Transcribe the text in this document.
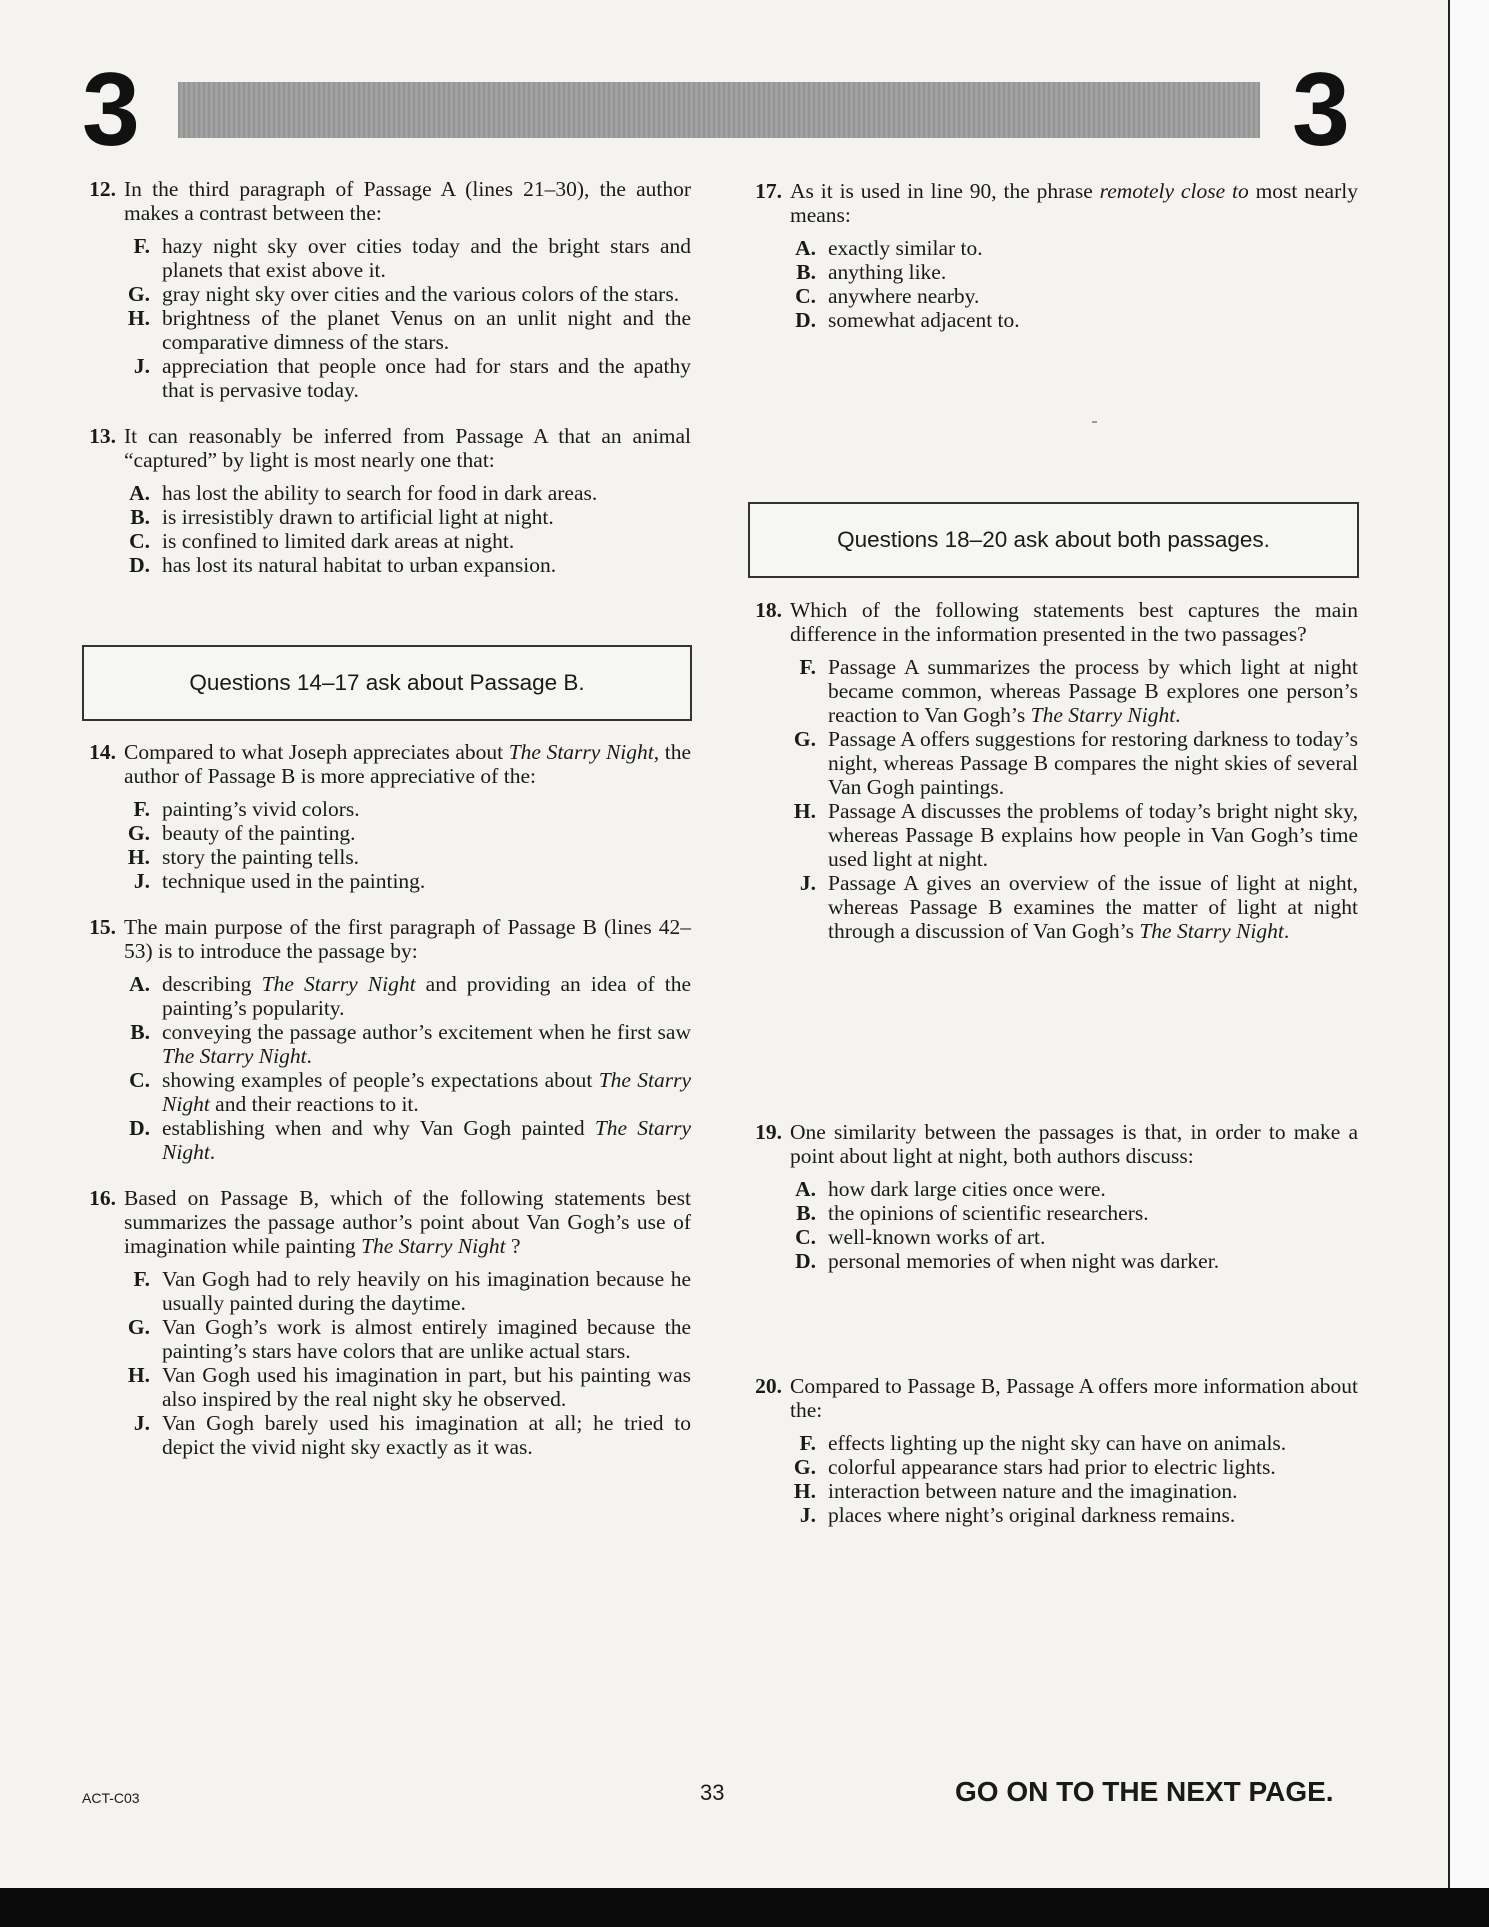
3	3
12. In the third paragraph of Passage A (lines 21–30), the author makes a contrast between the:
F. hazy night sky over cities today and the bright stars and planets that exist above it.
G. gray night sky over cities and the various colors of the stars.
H. brightness of the planet Venus on an unlit night and the comparative dimness of the stars.
J. appreciation that people once had for stars and the apathy that is pervasive today.
13. It can reasonably be inferred from Passage A that an animal “captured” by light is most nearly one that:
A. has lost the ability to search for food in dark areas.
B. is irresistibly drawn to artificial light at night.
C. is confined to limited dark areas at night.
D. has lost its natural habitat to urban expansion.
Questions 14–17 ask about Passage B.
14. Compared to what Joseph appreciates about The Starry Night, the author of Passage B is more appreciative of the:
F. painting’s vivid colors.
G. beauty of the painting.
H. story the painting tells.
J. technique used in the painting.
15. The main purpose of the first paragraph of Passage B (lines 42–53) is to introduce the passage by:
A. describing The Starry Night and providing an idea of the painting’s popularity.
B. conveying the passage author’s excitement when he first saw The Starry Night.
C. showing examples of people’s expectations about The Starry Night and their reactions to it.
D. establishing when and why Van Gogh painted The Starry Night.
16. Based on Passage B, which of the following statements best summarizes the passage author’s point about Van Gogh’s use of imagination while painting The Starry Night ?
F. Van Gogh had to rely heavily on his imagination because he usually painted during the daytime.
G. Van Gogh’s work is almost entirely imagined because the painting’s stars have colors that are unlike actual stars.
H. Van Gogh used his imagination in part, but his painting was also inspired by the real night sky he observed.
J. Van Gogh barely used his imagination at all; he tried to depict the vivid night sky exactly as it was.
17. As it is used in line 90, the phrase remotely close to most nearly means:
A. exactly similar to.
B. anything like.
C. anywhere nearby.
D. somewhat adjacent to.
Questions 18–20 ask about both passages.
18. Which of the following statements best captures the main difference in the information presented in the two passages?
F. Passage A summarizes the process by which light at night became common, whereas Passage B explores one person’s reaction to Van Gogh’s The Starry Night.
G. Passage A offers suggestions for restoring darkness to today’s night, whereas Passage B compares the night skies of several Van Gogh paintings.
H. Passage A discusses the problems of today’s bright night sky, whereas Passage B explains how people in Van Gogh’s time used light at night.
J. Passage A gives an overview of the issue of light at night, whereas Passage B examines the matter of light at night through a discussion of Van Gogh’s The Starry Night.
19. One similarity between the passages is that, in order to make a point about light at night, both authors discuss:
A. how dark large cities once were.
B. the opinions of scientific researchers.
C. well-known works of art.
D. personal memories of when night was darker.
20. Compared to Passage B, Passage A offers more information about the:
F. effects lighting up the night sky can have on animals.
G. colorful appearance stars had prior to electric lights.
H. interaction between nature and the imagination.
J. places where night’s original darkness remains.
ACT-C03	33	GO ON TO THE NEXT PAGE.
